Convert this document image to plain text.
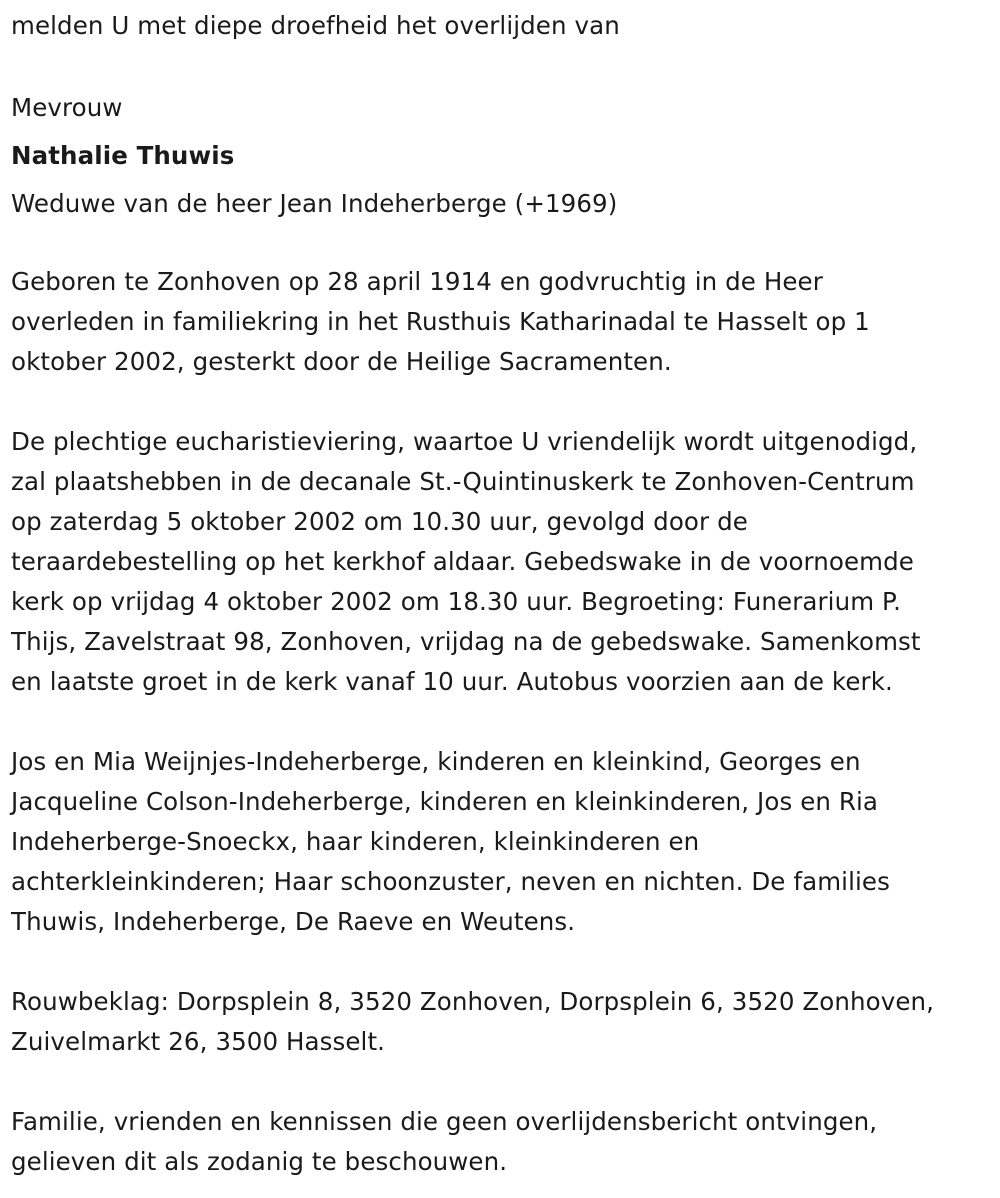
melden U met diepe droefheid het overlijden van
Mevrouw
Nathalie Thuwis
Weduwe van de heer Jean Indeherberge (+1969)
Geboren te Zonhoven op 28 april 1914 en godvruchtig in de Heer
overleden in familiekring in het Rusthuis Katharinadal te Hasselt op 1
oktober 2002, gesterkt door de Heilige Sacramenten.
De plechtige eucharistieviering, waartoe U vriendelijk wordt uitgenodigd,
zal plaatshebben in de decanale St.-Quintinuskerk te Zonhoven-Centrum
op zaterdag 5 oktober 2002 om 10.30 uur, gevolgd door de
teraardebestelling op het kerkhof aldaar. Gebedswake in de voornoemde
kerk op vrijdag 4 oktober 2002 om 18.30 uur. Begroeting: Funerarium P.
Thijs, Zavelstraat 98, Zonhoven, vrijdag na de gebedswake. Samenkomst
en laatste groet in de kerk vanaf 10 uur. Autobus voorzien aan de kerk.
Jos en Mia Weijnjes-Indeherberge, kinderen en kleinkind, Georges en
Jacqueline Colson-Indeherberge, kinderen en kleinkinderen, Jos en Ria
Indeherberge-Snoeckx, haar kinderen, kleinkinderen en
achterkleinkinderen; Haar schoonzuster, neven en nichten. De families
Thuwis, Indeherberge, De Raeve en Weutens.
Rouwbeklag: Dorpsplein 8, 3520 Zonhoven, Dorpsplein 6, 3520 Zonhoven,
Zuivelmarkt 26, 3500 Hasselt.
Familie, vrienden en kennissen die geen overlijdensbericht ontvingen,
gelieven dit als zodanig te beschouwen.
